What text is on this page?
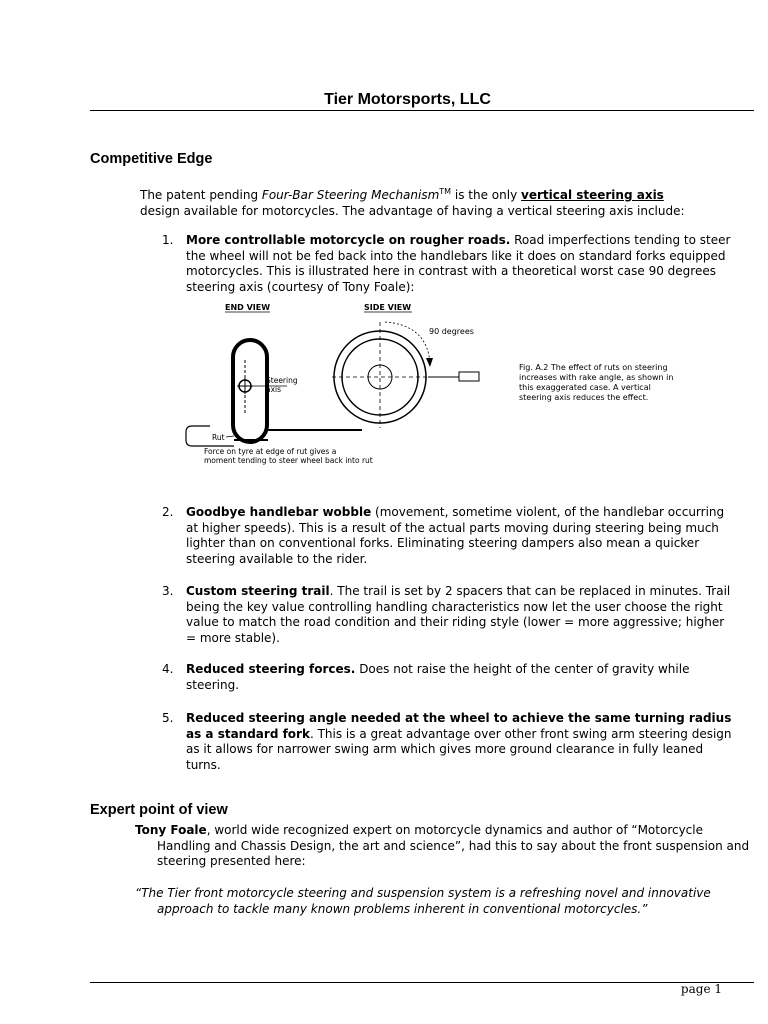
Tier Motorsports, LLC
Competitive Edge
The patent pending Four-Bar Steering Mechanism™ is the only vertical steering axis
design available for motorcycles. The advantage of having a vertical steering axis include:
1. More controllable motorcycle on rougher roads. Road imperfections tending to steer the wheel will not be fed back into the handlebars like it does on standard forks equipped motorcycles. This is illustrated here in contrast with a theoretical worst case 90 degrees steering axis (courtesy of Tony Foale):
END VIEW	SIDE VIEW
Steering
axis
Rut
Force on tyre at edge of rut gives a
moment tending to steer wheel back into rut
90 degrees
Fig. A.2 The effect of ruts on steering
increases with rake angle, as shown in
this exaggerated case. A vertical
steering axis reduces the effect.
2. Goodbye handlebar wobble (movement, sometime violent, of the handlebar occurring at higher speeds). This is a result of the actual parts moving during steering being much lighter than on conventional forks. Eliminating steering dampers also mean a quicker steering available to the rider.
3. Custom steering trail. The trail is set by 2 spacers that can be replaced in minutes. Trail being the key value controlling handling characteristics now let the user choose the right value to match the road condition and their riding style (lower = more aggressive; higher = more stable).
4. Reduced steering forces. Does not raise the height of the center of gravity while steering.
5. Reduced steering angle needed at the wheel to achieve the same turning radius as a standard fork. This is a great advantage over other front swing arm steering design as it allows for narrower swing arm which gives more ground clearance in fully leaned turns.
Expert point of view
Tony Foale, world wide recognized expert on motorcycle dynamics and author of “Motorcycle Handling and Chassis Design, the art and science”, had this to say about the front suspension and steering presented here:
“The Tier front motorcycle steering and suspension system is a refreshing novel and innovative approach to tackle many known problems inherent in conventional motorcycles.”
page 1
